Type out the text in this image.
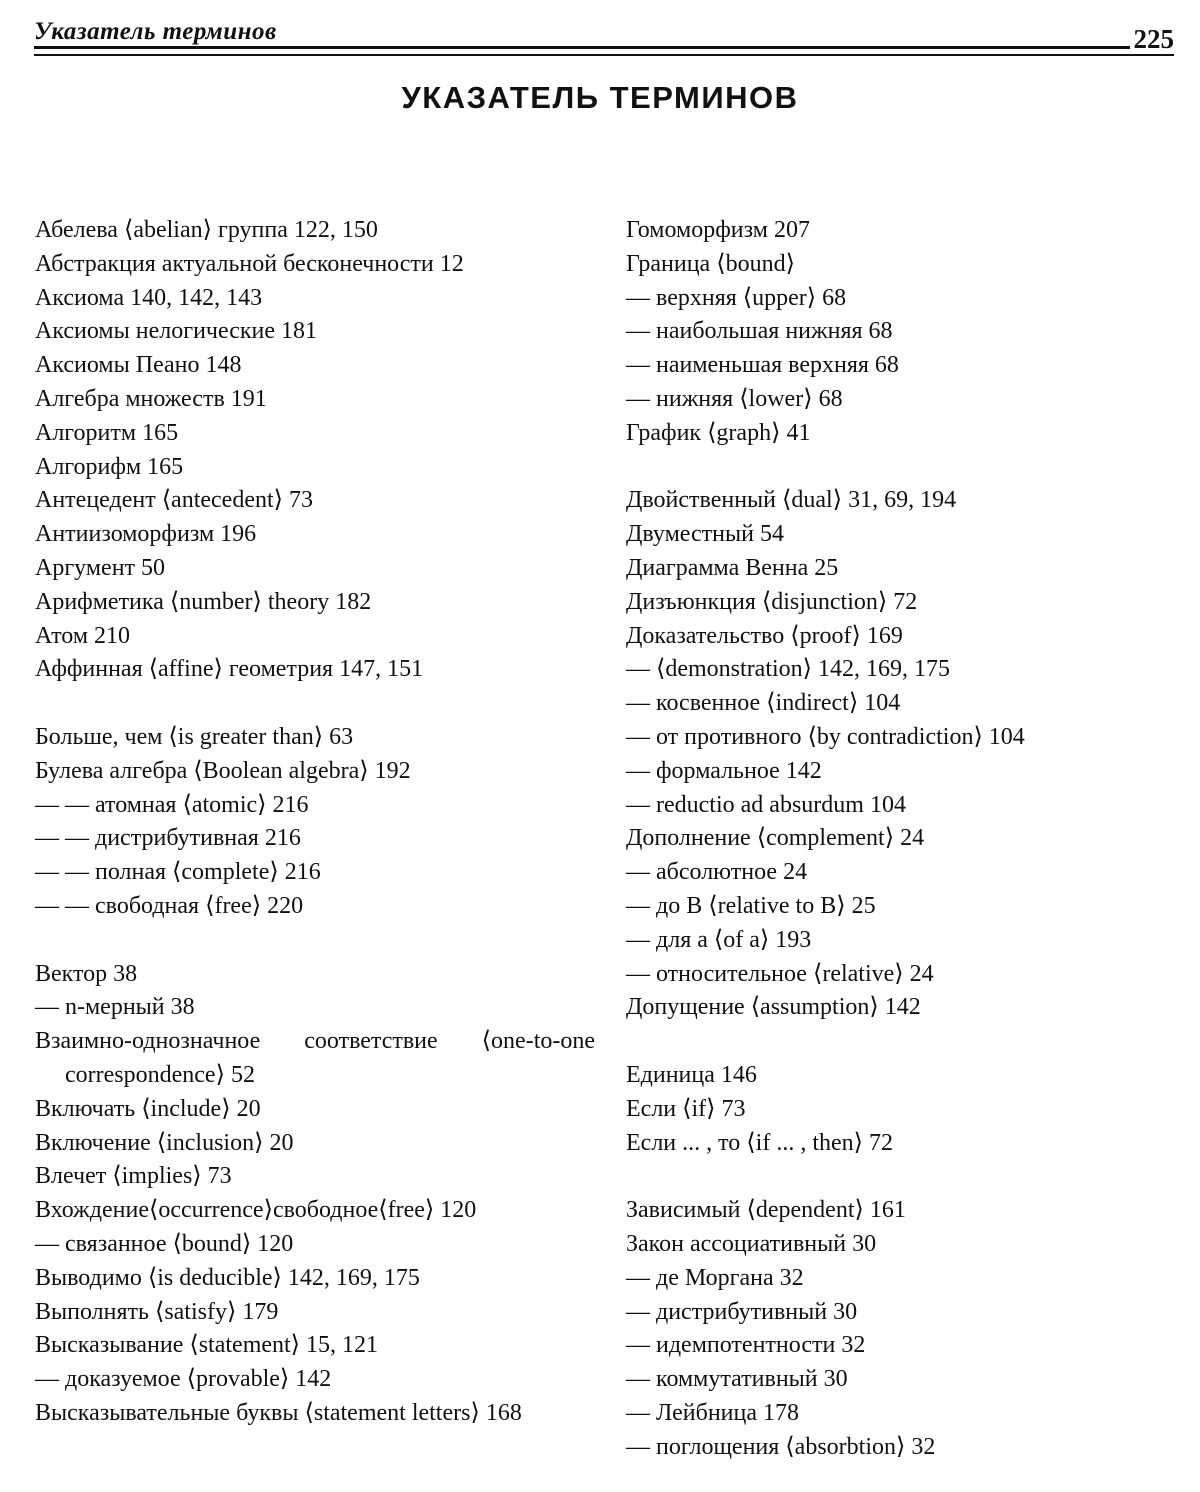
Указатель терминов	225
УКАЗАТЕЛЬ ТЕРМИНОВ
Абелева ⟨abelian⟩ группа 122, 150
Абстракция актуальной бесконечности 12
Аксиома 140, 142, 143
Аксиомы нелогические 181
Аксиомы Пеано 148
Алгебра множеств 191
Алгоритм 165
Алгорифм 165
Антецедент ⟨antecedent⟩ 73
Антиизоморфизм 196
Аргумент 50
Арифметика ⟨number⟩ theory 182
Атом 210
Аффинная ⟨affine⟩ геометрия 147, 151
Больше, чем ⟨is greater than⟩ 63
Булева алгебра ⟨Boolean algebra⟩ 192
— — атомная ⟨atomic⟩ 216
— — дистрибутивная 216
— — полная ⟨complete⟩ 216
— — свободная ⟨free⟩ 220
Вектор 38
— n-мерный 38
Взаимно-однозначное соответствие ⟨one-to-one correspondence⟩ 52
Включать ⟨include⟩ 20
Включение ⟨inclusion⟩ 20
Влечет ⟨implies⟩ 73
Вхождение⟨occurrence⟩свободное⟨free⟩ 120
— связанное ⟨bound⟩ 120
Выводимо ⟨is deducible⟩ 142, 169, 175
Выполнять ⟨satisfy⟩ 179
Высказывание ⟨statement⟩ 15, 121
— доказуемое ⟨provable⟩ 142
Высказывательные буквы ⟨statement letters⟩ 168
Гомоморфизм 207
Граница ⟨bound⟩
— верхняя ⟨upper⟩ 68
— наибольшая нижняя 68
— наименьшая верхняя 68
— нижняя ⟨lower⟩ 68
График ⟨graph⟩ 41
Двойственный ⟨dual⟩ 31, 69, 194
Двуместный 54
Диаграмма Венна 25
Дизъюнкция ⟨disjunction⟩ 72
Доказательство ⟨proof⟩ 169
— ⟨demonstration⟩ 142, 169, 175
— косвенное ⟨indirect⟩ 104
— от противного ⟨by contradiction⟩ 104
— формальное 142
— reductio ad absurdum 104
Дополнение ⟨complement⟩ 24
— абсолютное 24
— до B ⟨relative to B⟩ 25
— для a ⟨of a⟩ 193
— относительное ⟨relative⟩ 24
Допущение ⟨assumption⟩ 142
Единица 146
Если ⟨if⟩ 73
Если ... , то ⟨if ... , then⟩ 72
Зависимый ⟨dependent⟩ 161
Закон ассоциативный 30
— де Моргана 32
— дистрибутивный 30
— идемпотентности 32
— коммутативный 30
— Лейбница 178
— поглощения ⟨absorbtion⟩ 32
